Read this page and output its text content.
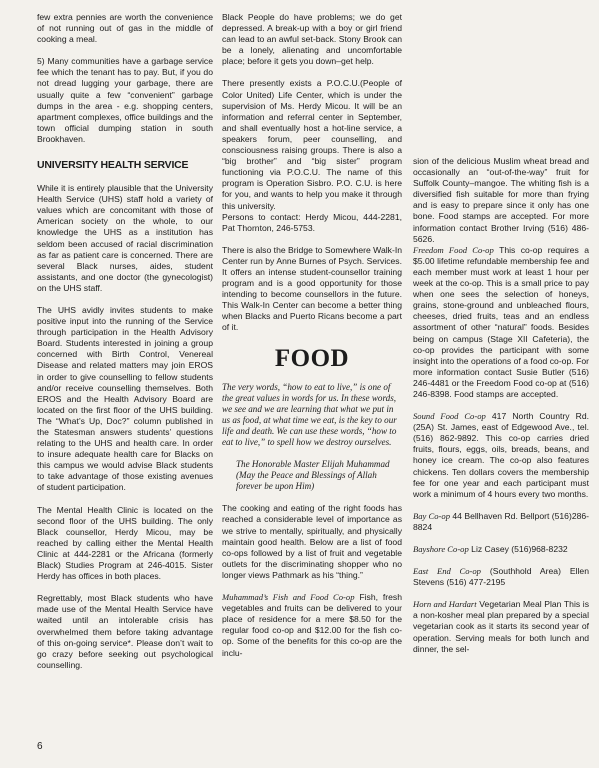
few extra pennies are worth the convenience of not running out of gas in the middle of cooking a meal.

5) Many communities have a garbage service fee which the tenant has to pay. But, if you do not dread lugging your garbage, there are usually quite a few “convenient” garbage dumps in the area - e.g. shopping centers, apartment complexes, office buildings and the town official dumping station in south Brookhaven.

UNIVERSITY HEALTH SERVICE

While it is entirely plausible that the University Health Service (UHS) staff hold a variety of values which are concomitant with those of American society on the whole, to our knowledge the UHS as a institution has seldom been accused of racial discrimination as far as patient care is concerned. There are several Black nurses, aides, student assistants, and one doctor (the gynecologist) on the UHS staff.

The UHS avidly invites students to make positive input into the running of the Service through participation in the Health Advisory Board. Students interested in joining a group concerned with Birth Control, Venereal Disease and related matters may join EROS in order to give counselling to fellow students and/or receive counselling themselves. Both EROS and the Health Advisory Board are located on the first floor of the UHS building. The “What’s Up, Doc?” column published in the Statesman answers students’ questions relating to the UHS and health care. In order to insure adequate health care for Blacks on this campus we would advise Black students to take advantage of those existing avenues of student participation.

The Mental Health Clinic is located on the second floor of the UHS building. The only Black counsellor, Herdy Micou, may be reached by calling either the Mental Health Clinic at 444-2281 or the Africana (formerly Black) Studies Program at 246-4015. Sister Herdy has offices in both places.

Regrettably, most Black students who have made use of the Mental Health Service have waited until an intolerable crisis has overwhelmed them before taking advantage of this on-going service*. Please don’t wait to go crazy before seeking out psychological counselling.

Black People do have problems; we do get depressed. A break-up with a boy or girl friend can lead to an awful set-back. Stony Brook can be a lonely, alienating and uncomfortable place; before it gets you down–get help.

There presently exists a P.O.C.U.(People of Color United) Life Center, which is under the supervision of Ms. Herdy Micou. It will be an information and referral center in September, and shall eventually host a hot-line service, a speakers forum, peer counselling, and consciousness raising groups. There is also a “big brother” and “big sister” program functioning via P.O.C.U. The name of this program is Operation Sisbro. P.O. C.U. is here for you, and wants to help you make it through this university.

Persons to contact: Herdy Micou, 444-2281, Pat Thornton, 246-5753.

There is also the Bridge to Somewhere Walk-In Center run by Anne Burnes of Psych. Services. It offers an intense student-counsellor training program and is a good opportunity for those intending to become counsellors in the future. This Walk-In Center can become a better thing when Blacks and Puerto Ricans become a part of it.

FOOD

The very words, “how to eat to live,” is one of the great values in words for us. In these words, we see and we are learning that what we put in us as food, at what time we eat, is the key to our life and death. We can use these words, “how to eat to live,” to spell how we destroy ourselves.

The Honorable Master Elijah Muhammad (May the Peace and Blessings of Allah forever be upon Him)

The cooking and eating of the right foods has reached a considerable level of importance as we strive to mentally, spiritually, and physically maintain good health. Below are a list of food co-ops followed by a list of fruit and vegetable outlets for the discriminating shopper who no longer views Pathmark as his “thing.”

Muhammad’s Fish and Food Co-op Fish, fresh vegetables and fruits can be delivered to your place of residence for a mere $8.50 for the regular food co-op and $12.00 for the fish co-op. Some of the benefits for this co-op are the inclu-

sion of the delicious Muslim wheat bread and occasionally an “out-of-the-way” fruit for Suffolk County–mangoe. The whiting fish is a diversified fish suitable for more than frying and is easy to prepare since it only has one bone. Food stamps are accepted. For more information contact Brother Irving (516) 486-5626.

Freedom Food Co-op This co-op requires a $5.00 lifetime refundable membership fee and each member must work at least 1 hour per week at the co-op. This is a small price to pay when one sees the selection of honeys, grains, stone-ground and unbleached flours, cheeses, dried fruits, teas and an endless assortment of other “natural” foods. Besides being on campus (Stage XII Cafeteria), the co-op provides the participant with some insight into the operations of a food co-op. For more information contact Susie Butler (516) 246-4481 or the Freedom Food co-op at (516) 246-8398. Food stamps are accepted.

Sound Food Co-op 417 North Country Rd. (25A) St. James, east of Edgewood Ave., tel. (516) 862-9892. This co-op carries dried fruits, flours, eggs, oils, breads, beans, and honey ice cream. The co-op also features chickens. Ten dollars covers the membership fee for one year and each participant must work a minimum of 4 hours every two months.

Bay Co-op 44 Bellhaven Rd. Bellport (516)286-8824

Bayshore Co-op Liz Casey (516)968-8232

East End Co-op (Southhold Area) Ellen Stevens (516) 477-2195

Horn and Hardart Vegetarian Meal Plan This is a non-kosher meal plan prepared by a special vegetarian cook as it starts its second year of operation. Serving meals for both lunch and dinner, the sel-

6
